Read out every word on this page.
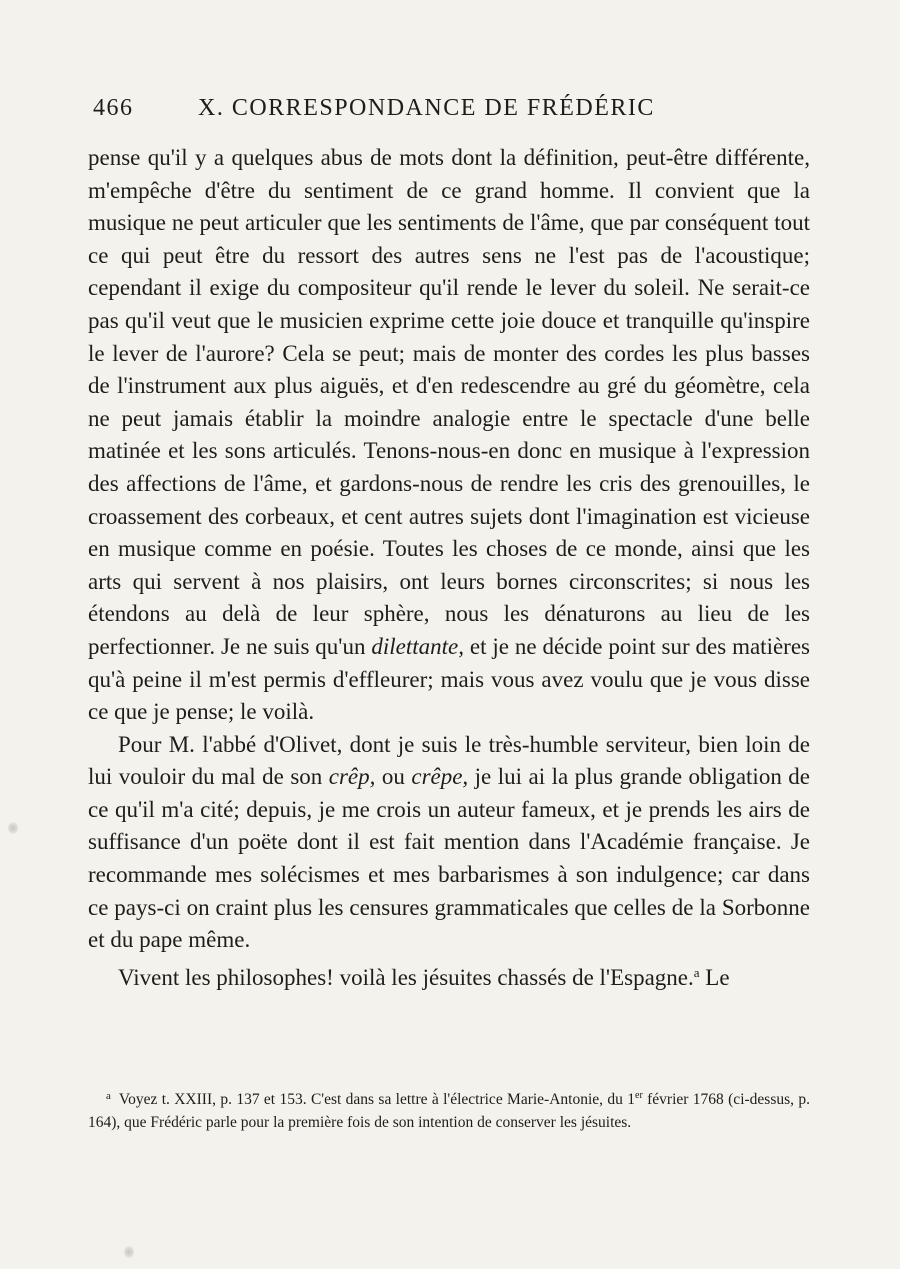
466	X. CORRESPONDANCE DE FRÉDÉRIC

pense qu'il y a quelques abus de mots dont la définition, peut-être différente, m'empêche d'être du sentiment de ce grand homme. Il convient que la musique ne peut articuler que les sentiments de l'âme, que par conséquent tout ce qui peut être du ressort des autres sens ne l'est pas de l'acoustique; cependant il exige du compositeur qu'il rende le lever du soleil. Ne serait-ce pas qu'il veut que le musicien exprime cette joie douce et tranquille qu'inspire le lever de l'aurore? Cela se peut; mais de monter des cordes les plus basses de l'instrument aux plus aiguës, et d'en redescendre au gré du géomètre, cela ne peut jamais établir la moindre analogie entre le spectacle d'une belle matinée et les sons articulés. Tenons-nous-en donc en musique à l'expression des affections de l'âme, et gardons-nous de rendre les cris des grenouilles, le croassement des corbeaux, et cent autres sujets dont l'imagination est vicieuse en musique comme en poésie. Toutes les choses de ce monde, ainsi que les arts qui servent à nos plaisirs, ont leurs bornes circonscrites; si nous les étendons au delà de leur sphère, nous les dénaturons au lieu de les perfectionner. Je ne suis qu'un dilettante, et je ne décide point sur des matières qu'à peine il m'est permis d'effleurer; mais vous avez voulu que je vous disse ce que je pense; le voilà.

Pour M. l'abbé d'Olivet, dont je suis le très-humble serviteur, bien loin de lui vouloir du mal de son crêp, ou crêpe, je lui ai la plus grande obligation de ce qu'il m'a cité; depuis, je me crois un auteur fameux, et je prends les airs de suffisance d'un poëte dont il est fait mention dans l'Académie française. Je recommande mes solécismes et mes barbarismes à son indulgence; car dans ce pays-ci on craint plus les censures grammaticales que celles de la Sorbonne et du pape même.

Vivent les philosophes! voilà les jésuites chassés de l'Espagne.$^a$ Le

$^a$ Voyez t. XXIII, p. 137 et 153. C'est dans sa lettre à l'électrice Marie-Antonie, du 1er février 1768 (ci-dessus, p. 164), que Frédéric parle pour la première fois de son intention de conserver les jésuites.
